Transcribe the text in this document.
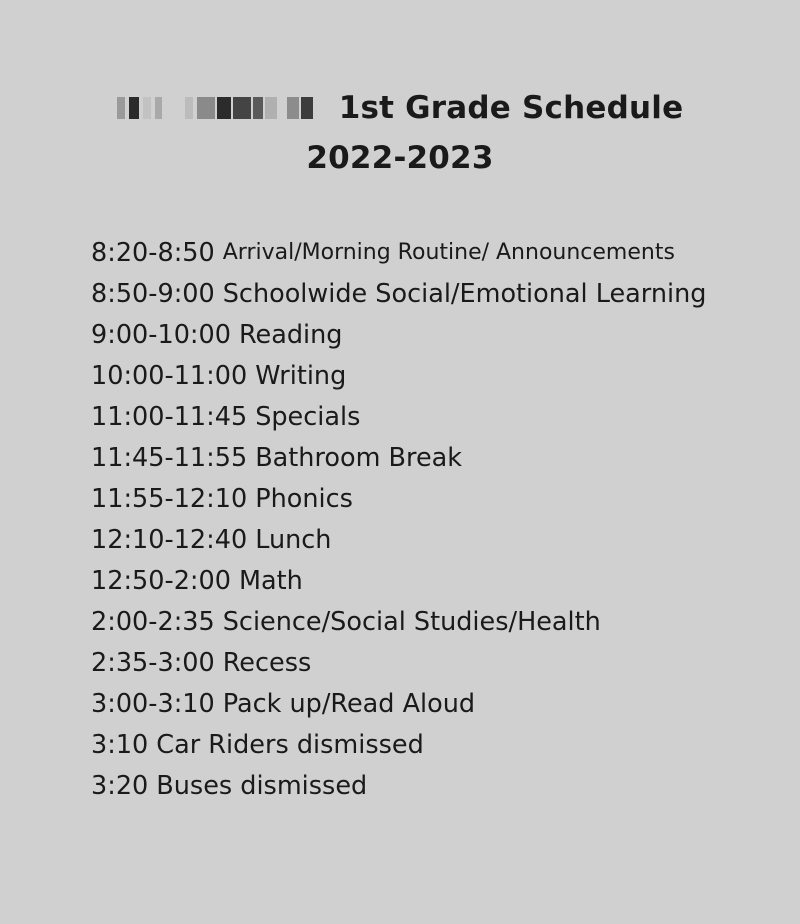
1st Grade Schedule
2022-2023
8:20-8:50 Arrival/Morning Routine/ Announcements
8:50-9:00 Schoolwide Social/Emotional Learning
9:00-10:00 Reading
10:00-11:00 Writing
11:00-11:45 Specials
11:45-11:55 Bathroom Break
11:55-12:10 Phonics
12:10-12:40 Lunch
12:50-2:00 Math
2:00-2:35 Science/Social Studies/Health
2:35-3:00 Recess
3:00-3:10 Pack up/Read Aloud
3:10 Car Riders dismissed
3:20 Buses dismissed
